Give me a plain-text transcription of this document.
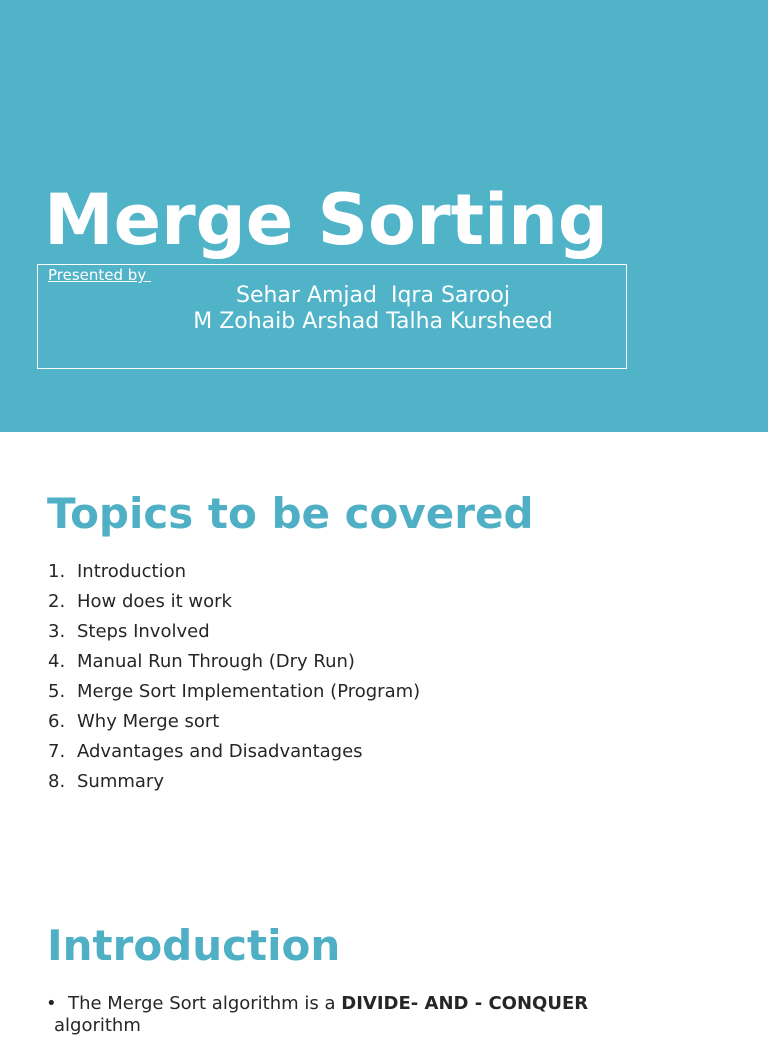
Merge Sorting
Presented by
Sehar Amjad  Iqra Sarooj
M Zohaib Arshad Talha Kursheed
Topics to be covered
1. Introduction
2. How does it work
3. Steps Involved
4. Manual Run Through (Dry Run)
5. Merge Sort Implementation (Program)
6. Why Merge sort
7. Advantages and Disadvantages
8. Summary
Introduction
• The Merge Sort algorithm is a DIVIDE- AND - CONQUER
algorithm
